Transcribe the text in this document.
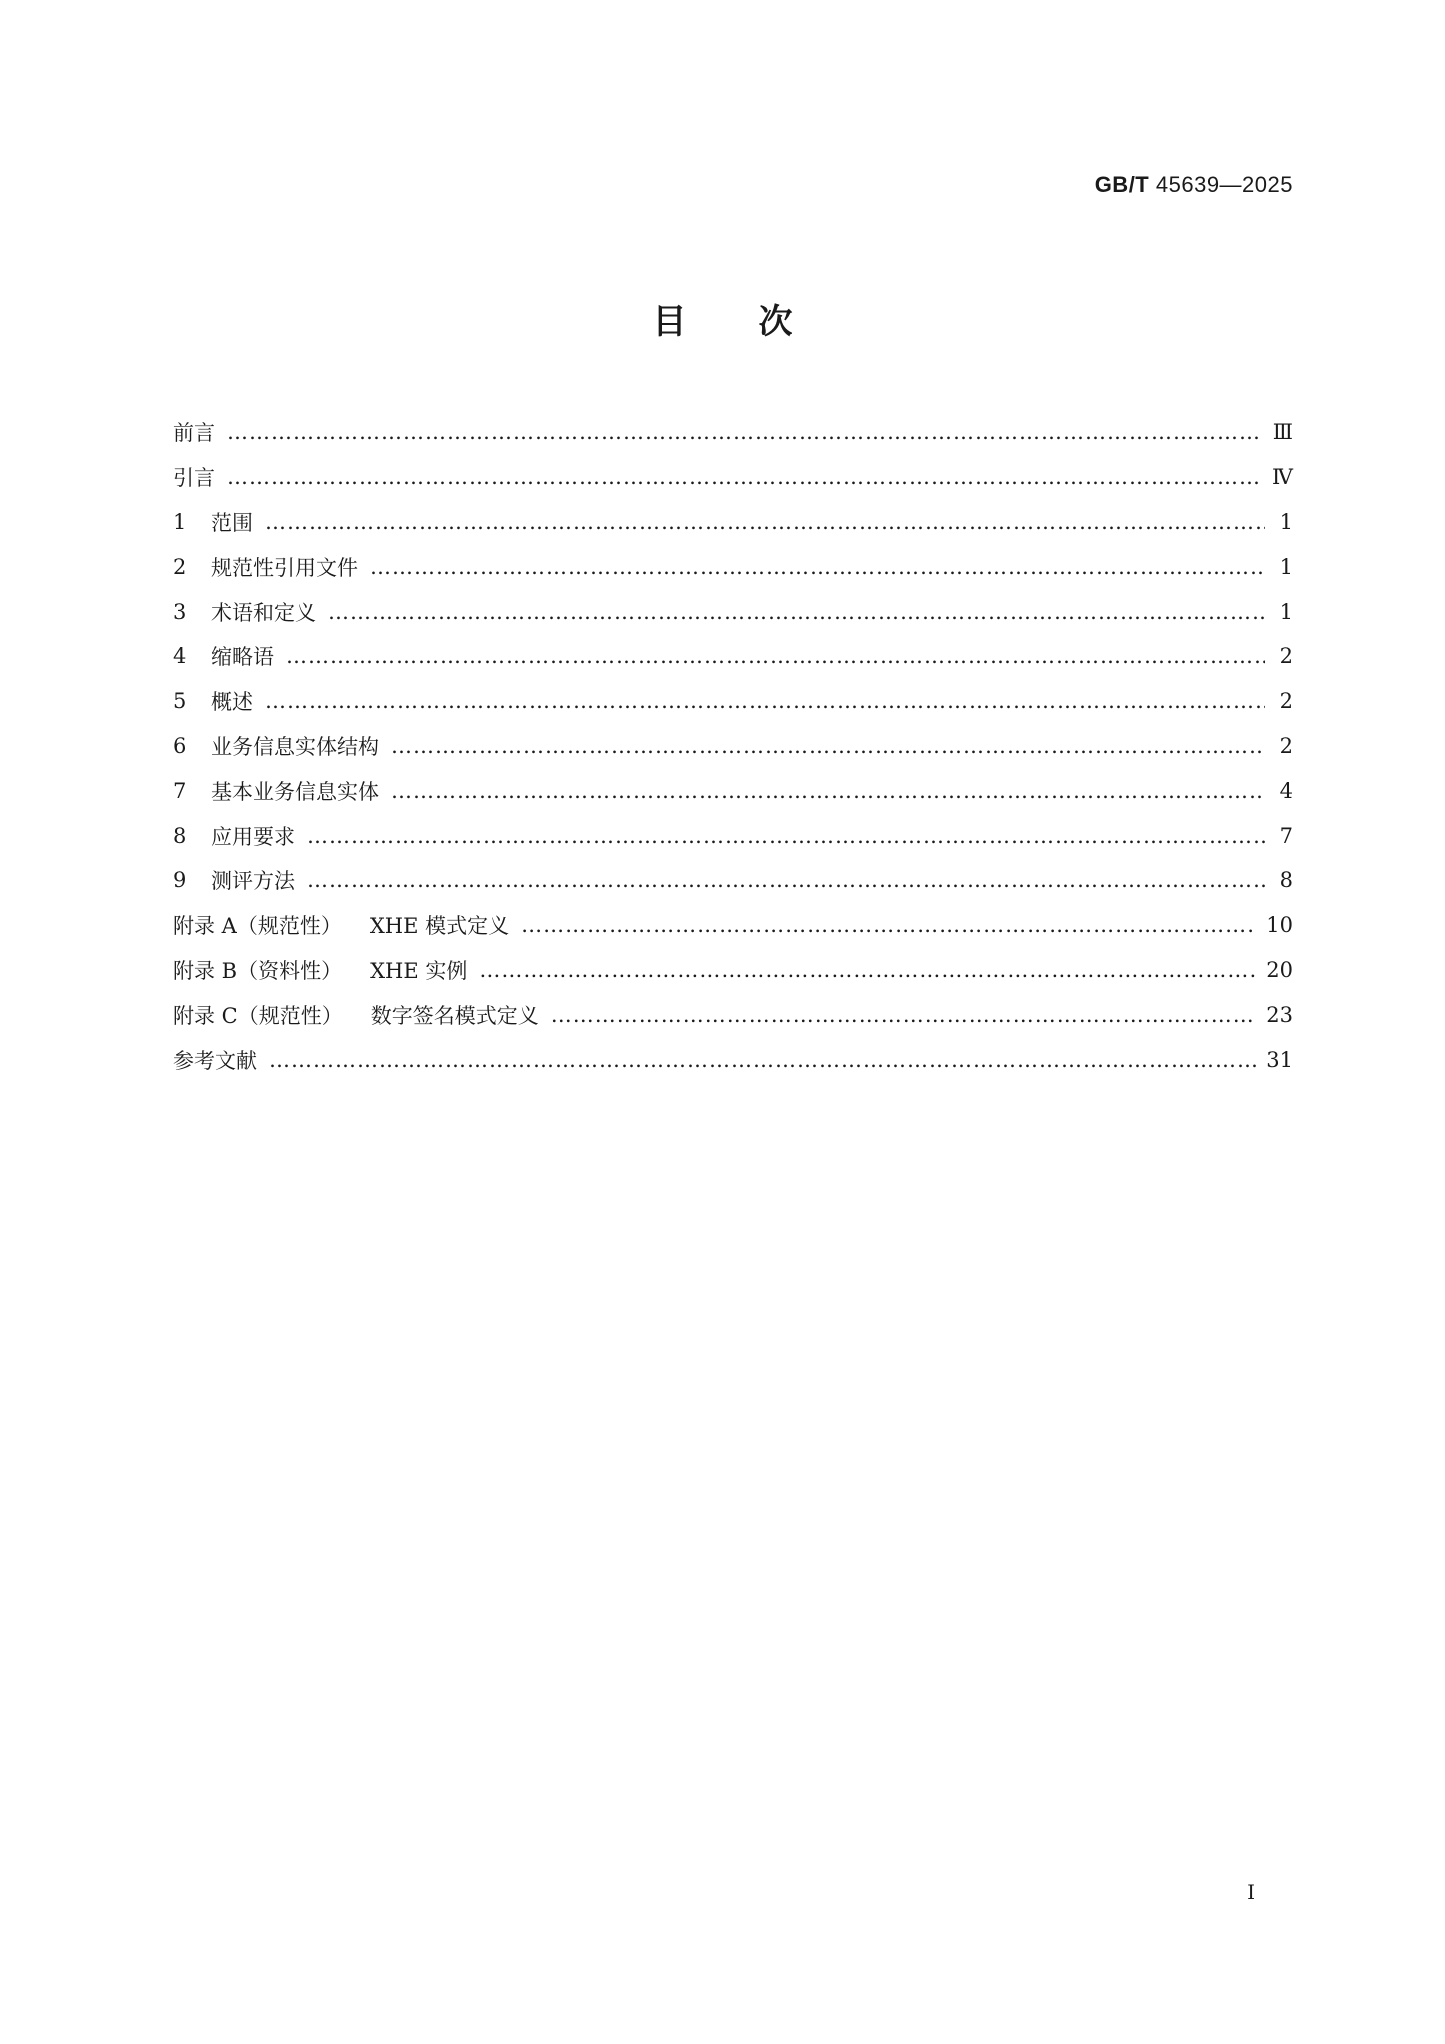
GB/T 45639—2025
目次
前言 …………………………………………………………………………………………………………………………………………………………………………………………………………	Ⅲ
引言 …………………………………………………………………………………………………………………………………………………………………………………………………………	Ⅳ
1	范围 …………………………………………………………………………………………………………………………………………………………………………………………………………	1
2	规范性引用文件 …………………………………………………………………………………………………………………………………………………………………………………………………………	1
3	术语和定义 …………………………………………………………………………………………………………………………………………………………………………………………………………	1
4	缩略语 …………………………………………………………………………………………………………………………………………………………………………………………………………	2
5	概述 …………………………………………………………………………………………………………………………………………………………………………………………………………	2
6	业务信息实体结构 …………………………………………………………………………………………………………………………………………………………………………………………………………	2
7	基本业务信息实体 …………………………………………………………………………………………………………………………………………………………………………………………………………	4
8	应用要求 …………………………………………………………………………………………………………………………………………………………………………………………………………	7
9	测评方法 …………………………………………………………………………………………………………………………………………………………………………………………………………	8
附录 A（规范性） XHE 模式定义 …………………………………………………………………………………………………………………………………………………………………………………………………………	10
附录 B（资料性） XHE 实例 …………………………………………………………………………………………………………………………………………………………………………………………………………	20
附录 C（规范性） 数字签名模式定义 …………………………………………………………………………………………………………………………………………………………………………………………………………	23
参考文献 …………………………………………………………………………………………………………………………………………………………………………………………………………	31
Ⅰ
